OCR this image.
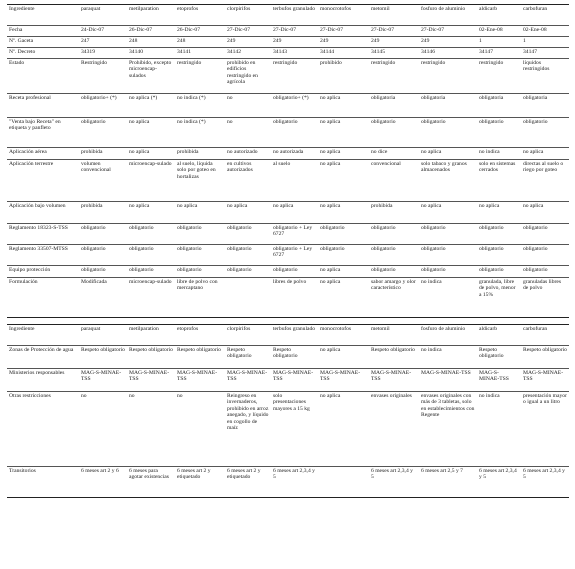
Ingrediente	paraquat	metilparation	etoprofos	clorpirifos	terbufos granulado	monocrotofos	metomil	fosfuro de aluminio	aldicarb	carbofuran
Fecha	24-Dic-07	26-Dic-07	26-Dic-07	27-Dic-07	27-Dic-07	27-Dic-07	27-Dic-07	27-Dic-07	02-Ene-08	02-Ene-08
Nº. Gaceta	247	248	248	249	249	249	249	249	1	1
Nº. Decreto	34319	34140	34141	34142	34143	34144	34145	34146	34147	34147
Estado	Restringido	Prohibido, excepto microencap-sulados	restringido	prohibido en edificios restringido en agrícola	restringido	prohibido	restringido	restringido	restringido	líquidos restringidos
Receta profesional	obligatorio+ (*)	no aplica (*)	no indica (*)	no	obligatorio+ (*)	no aplica	obligatoria	obligatoria	obligatoria	obligatoria
"Venta bajo Receta" en etiqueta y panfleto	obligatorio	no aplica	no indica (*)	no	obligatorio	no aplica	obligatorio	obligatorio	obligatorio	obligatorio
Aplicación aérea	prohibida	no aplica	prohibida	no autorizado	no autorizada	no aplica	no dice	no aplica	no indica	no aplica
Aplicación terrestre	volumen convencional	microencap-sulado	al suelo, líquida solo por goteo en hortalizas	en cultivos autorizados	al suelo	no aplica	convencional	solo tabaco y granos almacenados	solo en sistemas cerrados	directas al suelo o riego por goteo
Aplicación bajo volumen	prohibida	no aplica	no aplica	no aplica	no aplica	no aplica	prohibida	no aplica	no aplica	no aplica
Reglamento 18323-S-TSS	obligatorio	obligatorio	obligatorio	obligatorio	obligatorio + Ley 6727	obligatorio	obligatorio	obligatorio	obligatorio	obligatorio
Reglamento 33507-MTSS	obligatorio	obligatorio	obligatorio	obligatorio	obligatorio + Ley 6727	obligatorio	obligatorio	obligatorio	obligatorio	obligatorio
Equipo protección	obligatorio	obligatorio	obligatorio	obligatorio	obligatorio	no aplica	obligatorio	obligatorio	obligatorio	obligatorio
Formulación	Modificada	microencap-sulado	libre de polvo con mercaptano		libres de polvo	no aplica	sabor amargo y olor característico	no indica	granulada, libre de polvo, menor a 15%	granuladas libres de polvo
Ingrediente	paraquat	metilparation	etoprofos	clorpirifos	terbufos granulado	monocrotofos	metomil	fosfuro de aluminio	aldicarb	carbofuran
Zonas de Protección de agua	Respeto obligatorio	Respeto obligatorio	Respeto obligatorio	Respeto obligatorio	Respeto obligatorio	no aplica	Respeto obligatorio	no indica	Respeto obligatorio	Respeto obligatorio
Ministerios responsables	MAG-S-MINAE-TSS	MAG-S-MINAE-TSS	MAG-S-MINAE-TSS	MAG-S-MINAE-TSS	MAG-S-MINAE-TSS	MAG-S-MINAE-TSS	MAG-S-MINAE-TSS	MAG-S-MINAE-TSS	MAG-S-MINAE-TSS	MAG-S-MINAE-TSS
Otras restricciones	no	no	no	Reingreso en invernaderos, prohibido en arroz anegado, y líquido en cogollo de maíz	solo presentaciones mayores a 15 kg	no aplica	envases originales	envases originales con más de 3 tabletas, solo en establecimientos con Regente	no indica	presentación mayor o igual a un litro
Transitorios	6 meses art 2 y 6	6 meses para agotar existencias	6 meses art 2 y etiquetado	6 meses art 2 y etiquetado	6 meses art 2,3,4 y 5		6 meses art 2,3,4 y 5	6 meses art 2,5 y 7	6 meses art 2,3,4 y 5	6 meses art 2,3,4 y 5
